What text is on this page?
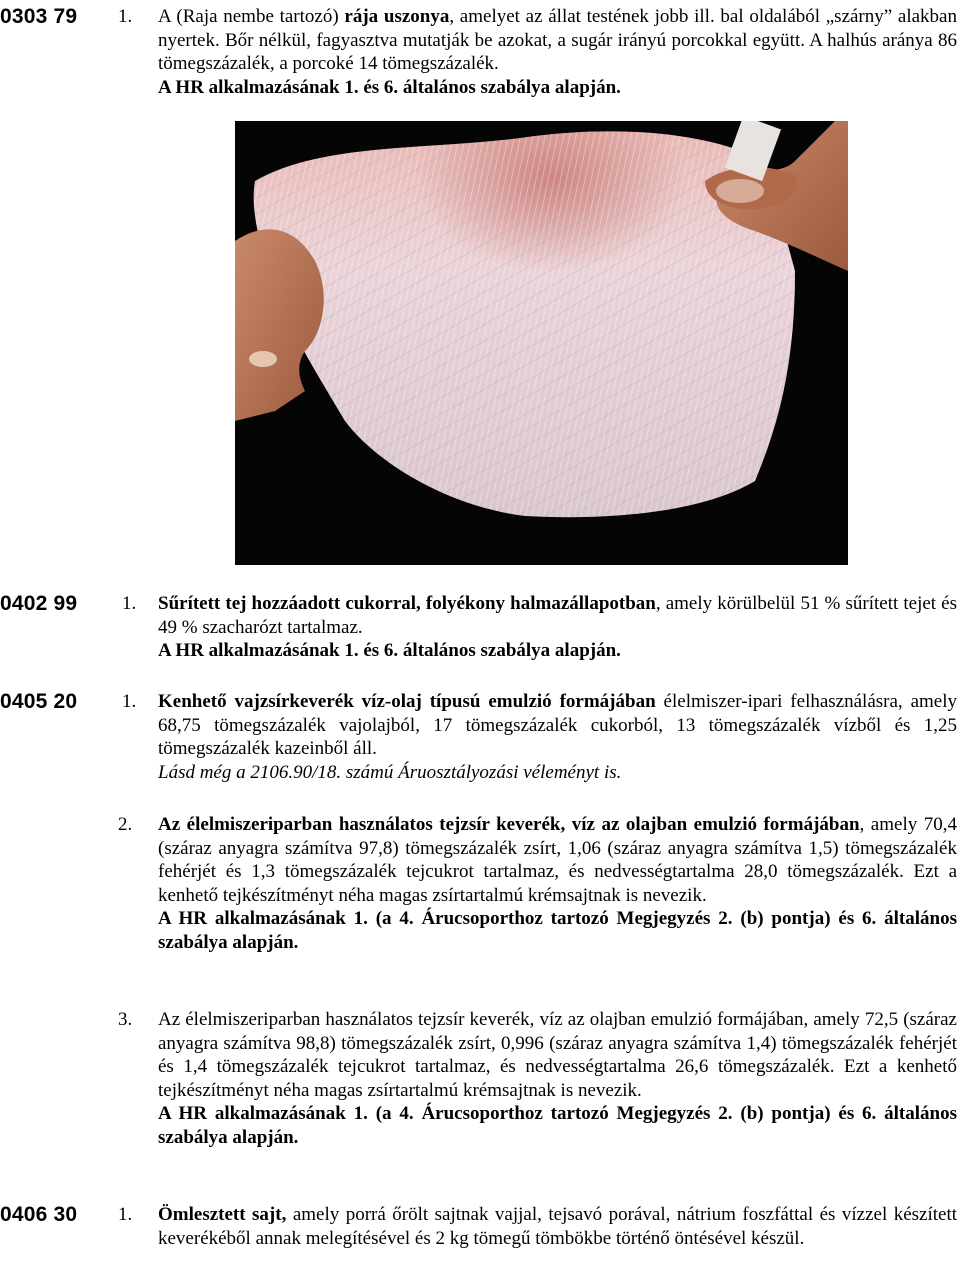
0303 79 1. A (Raja nembe tartozó) rája uszonya, amelyet az állat testének jobb ill. bal oldalából „szárny” alakban nyertek. Bőr nélkül, fagyasztva mutatják be azokat, a sugár irányú porcokkal együtt. A halhús aránya 86 tömegszázalék, a porcoké 14 tömegszázalék.
A HR alkalmazásának 1. és 6. általános szabálya alapján.
0402 99 1. Sűrített tej hozzáadott cukorral, folyékony halmazállapotban, amely körülbelül 51 % sűrített tejet és 49 % szacharózt tartalmaz.
A HR alkalmazásának 1. és 6. általános szabálya alapján.
0405 20 1. Kenhető vajzsírkeverék víz-olaj típusú emulzió formájában élelmiszer-ipari felhasználásra, amely 68,75 tömegszázalék vajolajból, 17 tömegszázalék cukorból, 13 tömegszázalék vízből és 1,25 tömegszázalék kazeinből áll.
Lásd még a 2106.90/18. számú Áruosztályozási véleményt is.
2. Az élelmiszeriparban használatos tejzsír keverék, víz az olajban emulzió formájában, amely 70,4 (száraz anyagra számítva 97,8) tömegszázalék zsírt, 1,06 (száraz anyagra számítva 1,5) tömegszázalék fehérjét és 1,3 tömegszázalék tejcukrot tartalmaz, és nedvességtartalma 28,0 tömegszázalék. Ezt a kenhető tejkészítményt néha magas zsírtartalmú krémsajtnak is nevezik.
A HR alkalmazásának 1. (a 4. Árucsoporthoz tartozó Megjegyzés 2. (b) pontja) és 6. általános szabálya alapján.
3. Az élelmiszeriparban használatos tejzsír keverék, víz az olajban emulzió formájában, amely 72,5 (száraz anyagra számítva 98,8) tömegszázalék zsírt, 0,996 (száraz anyagra számítva 1,4) tömegszázalék fehérjét és 1,4 tömegszázalék tejcukrot tartalmaz, és nedvességtartalma 26,6 tömegszázalék. Ezt a kenhető tejkészítményt néha magas zsírtartalmú krémsajtnak is nevezik.
A HR alkalmazásának 1. (a 4. Árucsoporthoz tartozó Megjegyzés 2. (b) pontja) és 6. általános szabálya alapján.
0406 30 1. Ömlesztett sajt, amely porrá őrölt sajtnak vajjal, tejsavó porával, nátrium foszfáttal és vízzel készített keverékéből annak melegítésével és 2 kg tömegű tömbökbe történő öntésével készül.
